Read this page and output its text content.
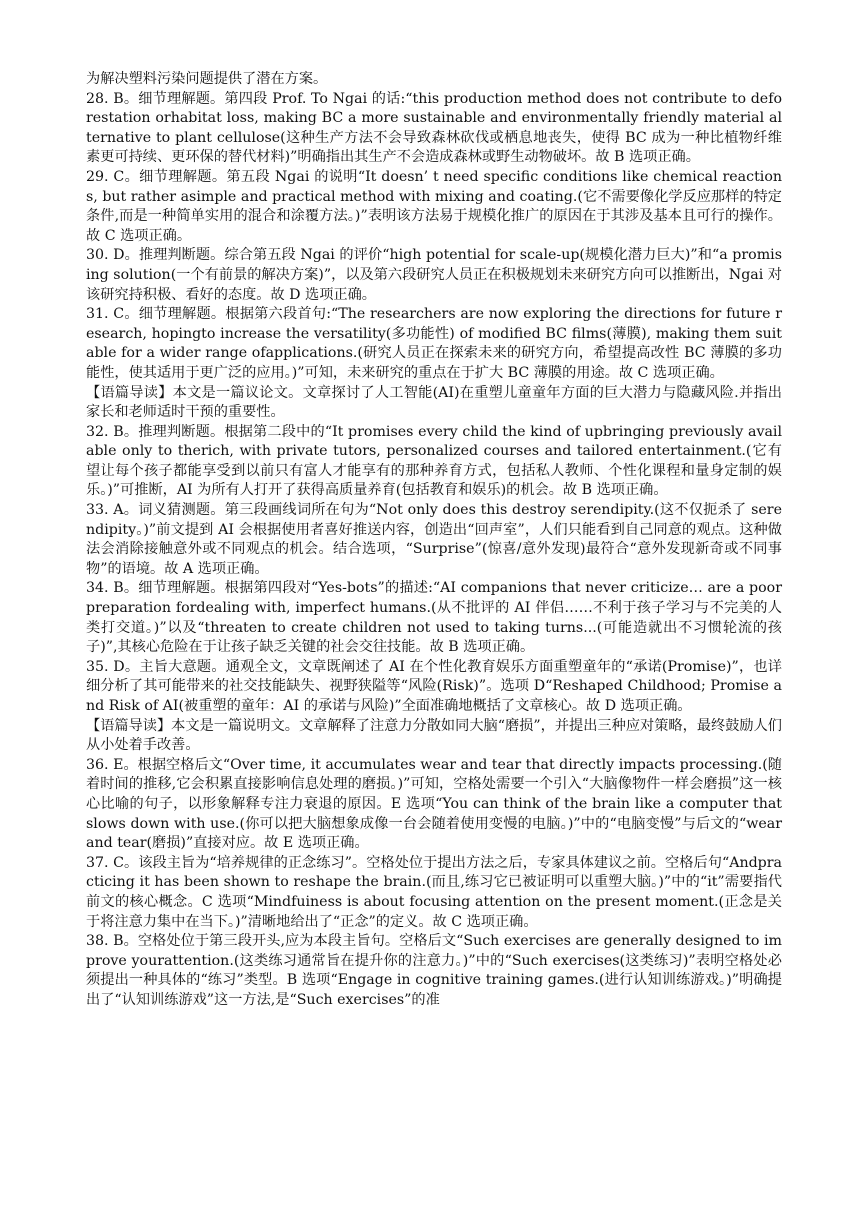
为解决塑料污染问题提供了潜在方案。

28. B。细节理解题。第四段 Prof. To Ngai 的话:“this production method does not contribute to deforestation orhabitat loss, making BC a more sustainable and environmentally friendly material alternative to plant cellulose(这种生产方法不会导致森林砍伐或栖息地丧失，使得 BC 成为一种比植物纤维素更可持续、更环保的替代材料)”明确指出其生产不会造成森林或野生动物破坏。故 B 选项正确。

29. C。细节理解题。第五段 Ngai 的说明“It doesn’ t need specific conditions like chemical reactions, but rather asimple and practical method with mixing and coating.(它不需要像化学反应那样的特定条件,而是一种简单实用的混合和涂覆方法。)”表明该方法易于规模化推广的原因在于其涉及基本且可行的操作。故 C 选项正确。

30. D。推理判断题。综合第五段 Ngai 的评价“high potential for scale-up(规模化潜力巨大)”和“a promising solution(一个有前景的解决方案)”，以及第六段研究人员正在积极规划未来研究方向可以推断出，Ngai 对该研究持积极、看好的态度。故 D 选项正确。

31. C。细节理解题。根据第六段首句:“The researchers are now exploring the directions for future research, hopingto increase the versatility(多功能性) of modified BC films(薄膜), making them suitable for a wider range ofapplications.(研究人员正在探索未来的研究方向，希望提高改性 BC 薄膜的多功能性，使其适用于更广泛的应用。)”可知，未来研究的重点在于扩大 BC 薄膜的用途。故 C 选项正确。

【语篇导读】本文是一篇议论文。文章探讨了人工智能(AI)在重塑儿童童年方面的巨大潜力与隐藏风险.并指出家长和老师适时干预的重要性。

32. B。推理判断题。根据第二段中的“It promises every child the kind of upbringing previously available only to therich, with private tutors, personalized courses and tailored entertainment.(它有望让每个孩子都能享受到以前只有富人才能享有的那种养育方式，包括私人教师、个性化课程和量身定制的娱乐。)”可推断，AI 为所有人打开了获得高质量养育(包括教育和娱乐)的机会。故 B 选项正确。

33. A。词义猜测题。第三段画线词所在句为“Not only does this destroy serendipity.(这不仅扼杀了 serendipity。)”前文提到 AI 会根据使用者喜好推送内容，创造出“回声室”，人们只能看到自己同意的观点。这种做法会消除接触意外或不同观点的机会。结合选项，“Surprise”(惊喜/意外发现)最符合“意外发现新奇或不同事物”的语境。故 A 选项正确。

34. B。细节理解题。根据第四段对“Yes-bots”的描述:“AI companions that never criticize… are a poor preparation fordealing with, imperfect humans.(从不批评的 AI 伴侣……不利于孩子学习与不完美的人类打交道。)”以及“threaten to create children not used to taking turns...(可能造就出不习惯轮流的孩子)”,其核心危险在于让孩子缺乏关键的社会交往技能。故 B 选项正确。

35. D。主旨大意题。通观全文，文章既阐述了 AI 在个性化教育娱乐方面重塑童年的“承诺(Promise)”，也详细分析了其可能带来的社交技能缺失、视野狭隘等“风险(Risk)”。选项 D“Reshaped Childhood; Promise and Risk of AI(被重塑的童年：AI 的承诺与风险)”全面准确地概括了文章核心。故 D 选项正确。

【语篇导读】本文是一篇说明文。文章解释了注意力分散如同大脑“磨损”，并提出三种应对策略，最终鼓励人们从小处着手改善。

36. E。根据空格后文“Over time, it accumulates wear and tear that directly impacts processing.(随着时间的推移,它会积累直接影响信息处理的磨损。)”可知，空格处需要一个引入“大脑像物件一样会磨损”这一核心比喻的句子，以形象解释专注力衰退的原因。E 选项“You can think of the brain like a computer that slows down with use.(你可以把大脑想象成像一台会随着使用变慢的电脑。)”中的“电脑变慢”与后文的“wearand tear(磨损)”直接对应。故 E 选项正确。

37. C。该段主旨为“培养规律的正念练习”。空格处位于提出方法之后，专家具体建议之前。空格后句“Andpracticing it has been shown to reshape the brain.(而且,练习它已被证明可以重塑大脑。)”中的“it”需要指代前文的核心概念。C 选项“Mindfuiness is about focusing attention on the present moment.(正念是关于将注意力集中在当下。)”清晰地给出了“正念”的定义。故 C 选项正确。

38. B。空格处位于第三段开头,应为本段主旨句。空格后文“Such exercises are generally designed to improve yourattention.(这类练习通常旨在提升你的注意力。)”中的“Such exercises(这类练习)”表明空格处必须提出一种具体的“练习”类型。B 选项“Engage in cognitive training games.(进行认知训练游戏。)”明确提出了“认知训练游戏”这一方法,是“Such exercises”的准
